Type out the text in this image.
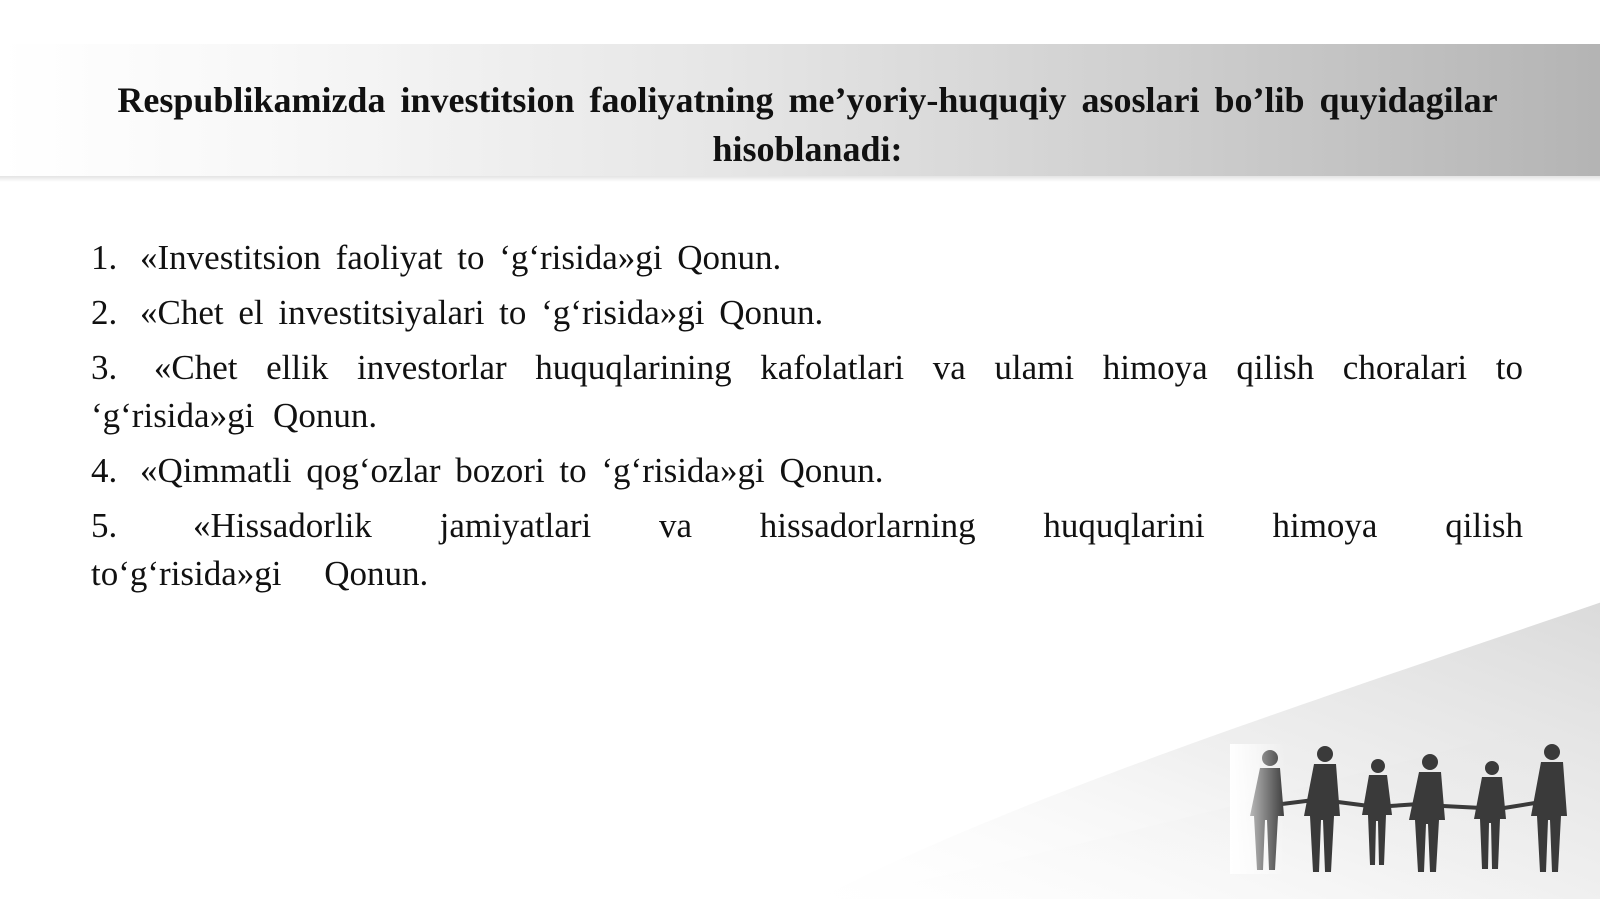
Respublikamizda investitsion faoliyatning me’yoriy-huquqiy asoslari bo’lib quyidagilar hisoblanadi:

1. «Investitsion faoliyat to ‘g‘risida»gi Qonun.

2. «Chet el investitsiyalari to ‘g‘risida»gi Qonun.

3. «Chet ellik investorlar huquqlarining kafolatlari va ulami himoya qilish choralari to ‘g‘risida»gi Qonun.

4. «Qimmatli qog‘ozlar bozori to ‘g‘risida»gi Qonun.

5. «Hissadorlik jamiyatlari va hissadorlarning huquqlarini himoya qilish to‘g‘risida»gi Qonun.
